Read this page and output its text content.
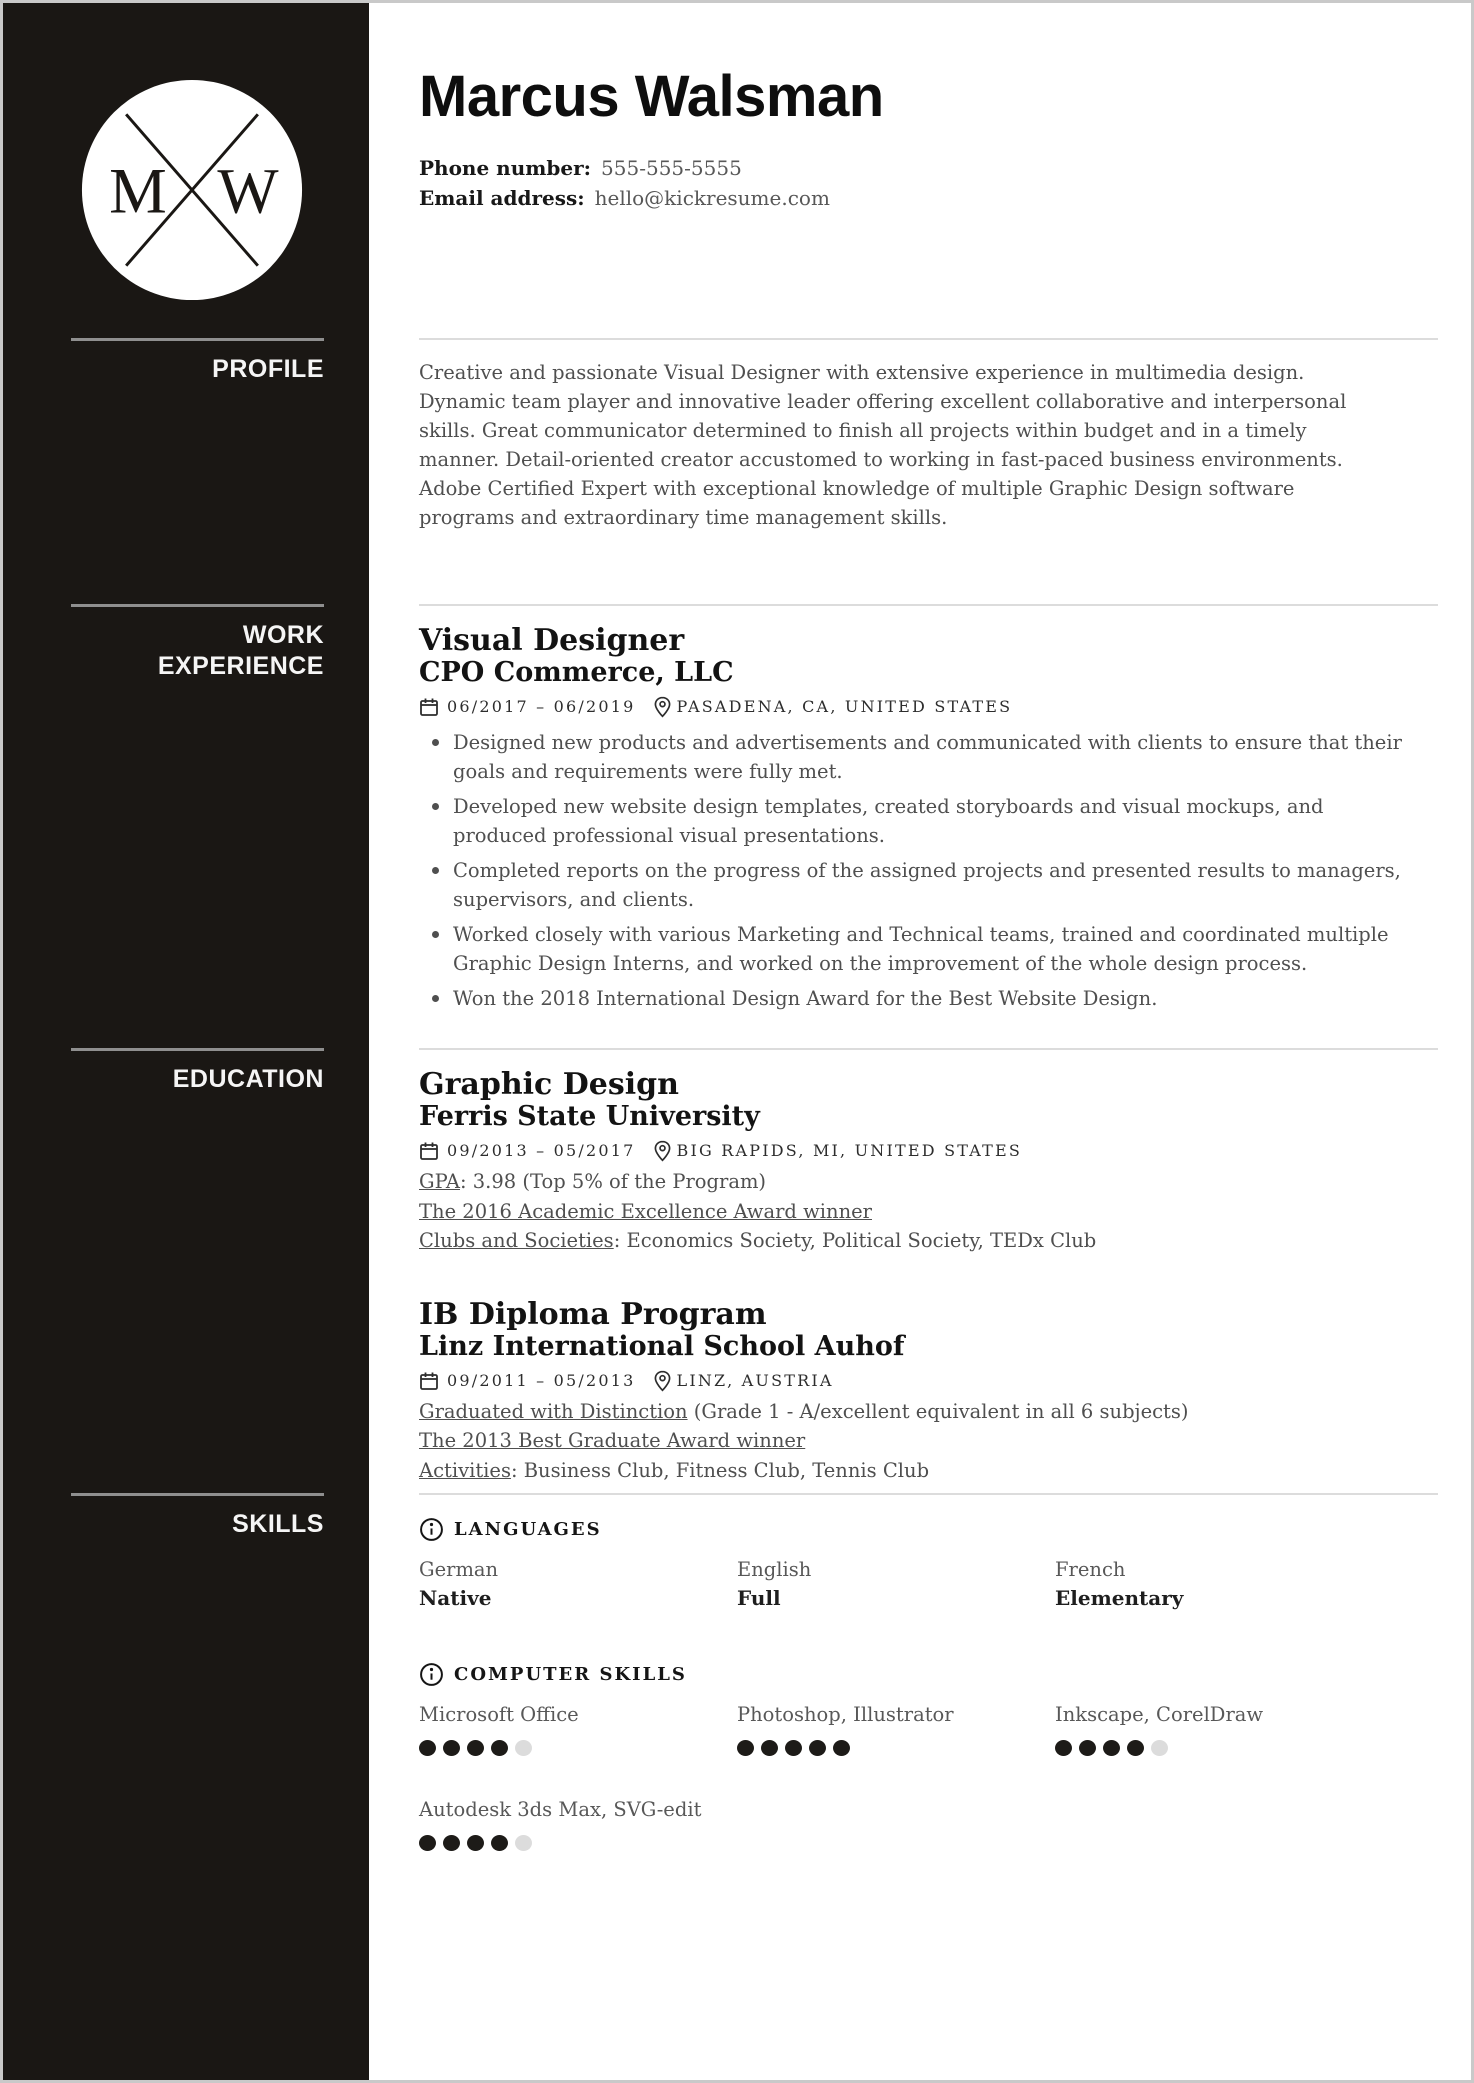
M W
PROFILE
WORK EXPERIENCE
EDUCATION
SKILLS
Marcus Walsman
Phone number: 555-555-5555
Email address: hello@kickresume.com

Creative and passionate Visual Designer with extensive experience in multimedia design. Dynamic team player and innovative leader offering excellent collaborative and interpersonal skills. Great communicator determined to finish all projects within budget and in a timely manner. Detail-oriented creator accustomed to working in fast-paced business environments. Adobe Certified Expert with exceptional knowledge of multiple Graphic Design software programs and extraordinary time management skills.

Visual Designer
CPO Commerce, LLC
06/2017 – 06/2019	PASADENA, CA, UNITED STATES
Designed new products and advertisements and communicated with clients to ensure that their goals and requirements were fully met.
Developed new website design templates, created storyboards and visual mockups, and produced professional visual presentations.
Completed reports on the progress of the assigned projects and presented results to managers, supervisors, and clients.
Worked closely with various Marketing and Technical teams, trained and coordinated multiple Graphic Design Interns, and worked on the improvement of the whole design process.
Won the 2018 International Design Award for the Best Website Design.
Graphic Design
Ferris State University
09/2013 – 05/2017	BIG RAPIDS, MI, UNITED STATES
GPA: 3.98 (Top 5% of the Program)
The 2016 Academic Excellence Award winner
Clubs and Societies: Economics Society, Political Society, TEDx Club
IB Diploma Program
Linz International School Auhof
09/2011 – 05/2013	LINZ, AUSTRIA
Graduated with Distinction (Grade 1 - A/excellent equivalent in all 6 subjects)
The 2013 Best Graduate Award winner
Activities: Business Club, Fitness Club, Tennis Club
LANGUAGES
German
Native
English
Full
French
Elementary
COMPUTER SKILLS
Microsoft Office	Photoshop, Illustrator	Inkscape, CorelDraw
Autodesk 3ds Max, SVG-edit
